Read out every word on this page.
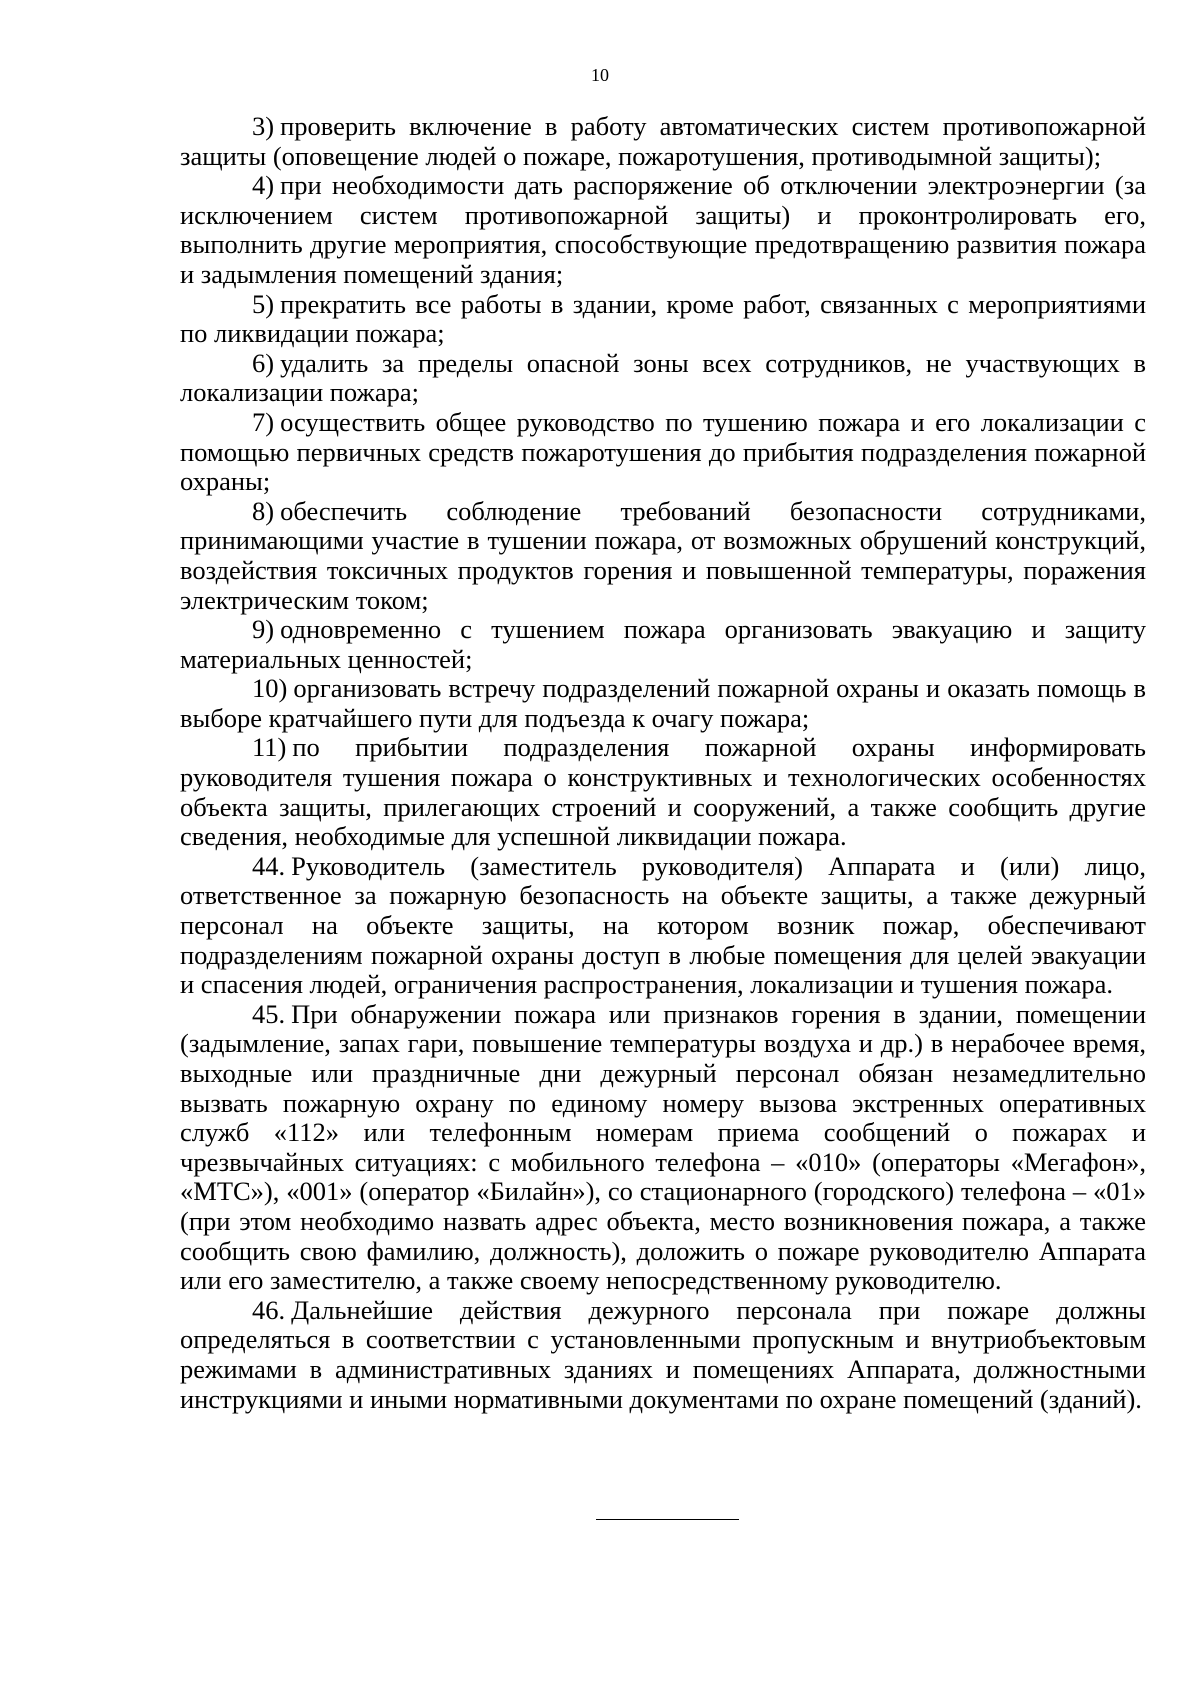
10

3) проверить включение в работу автоматических систем противопожарной защиты (оповещение людей о пожаре, пожаротушения, противодымной защиты);

4) при необходимости дать распоряжение об отключении электроэнергии (за исключением систем противопожарной защиты) и проконтролировать его, выполнить другие мероприятия, способствующие предотвращению развития пожара и задымления помещений здания;

5) прекратить все работы в здании, кроме работ, связанных с мероприятиями по ликвидации пожара;

6) удалить за пределы опасной зоны всех сотрудников, не участвующих в локализации пожара;

7) осуществить общее руководство по тушению пожара и его локализации с помощью первичных средств пожаротушения до прибытия подразделения пожарной охраны;

8) обеспечить соблюдение требований безопасности сотрудниками, принимающими участие в тушении пожара, от возможных обрушений конструкций, воздействия токсичных продуктов горения и повышенной температуры, поражения электрическим током;

9) одновременно с тушением пожара организовать эвакуацию и защиту материальных ценностей;

10) организовать встречу подразделений пожарной охраны и оказать помощь в выборе кратчайшего пути для подъезда к очагу пожара;

11) по прибытии подразделения пожарной охраны информировать руководителя тушения пожара о конструктивных и технологических особенностях объекта защиты, прилегающих строений и сооружений, а также сообщить другие сведения, необходимые для успешной ликвидации пожара.

44. Руководитель (заместитель руководителя) Аппарата и (или) лицо, ответственное за пожарную безопасность на объекте защиты, а также дежурный персонал на объекте защиты, на котором возник пожар, обеспечивают подразделениям пожарной охраны доступ в любые помещения для целей эвакуации и спасения людей, ограничения распространения, локализации и тушения пожара.

45. При обнаружении пожара или признаков горения в здании, помещении (задымление, запах гари, повышение температуры воздуха и др.) в нерабочее время, выходные или праздничные дни дежурный персонал обязан незамедлительно вызвать пожарную охрану по единому номеру вызова экстренных оперативных служб «112» или телефонным номерам приема сообщений о пожарах и чрезвычайных ситуациях: с мобильного телефона – «010» (операторы «Мегафон», «МТС»), «001» (оператор «Билайн»), со стационарного (городского) телефона – «01» (при этом необходимо назвать адрес объекта, место возникновения пожара, а также сообщить свою фамилию, должность), доложить о пожаре руководителю Аппарата или его заместителю, а также своему непосредственному руководителю.

46. Дальнейшие действия дежурного персонала при пожаре должны определяться в соответствии с установленными пропускным и внутриобъектовым режимами в административных зданиях и помещениях Аппарата, должностными инструкциями и иными нормативными документами по охране помещений (зданий).
